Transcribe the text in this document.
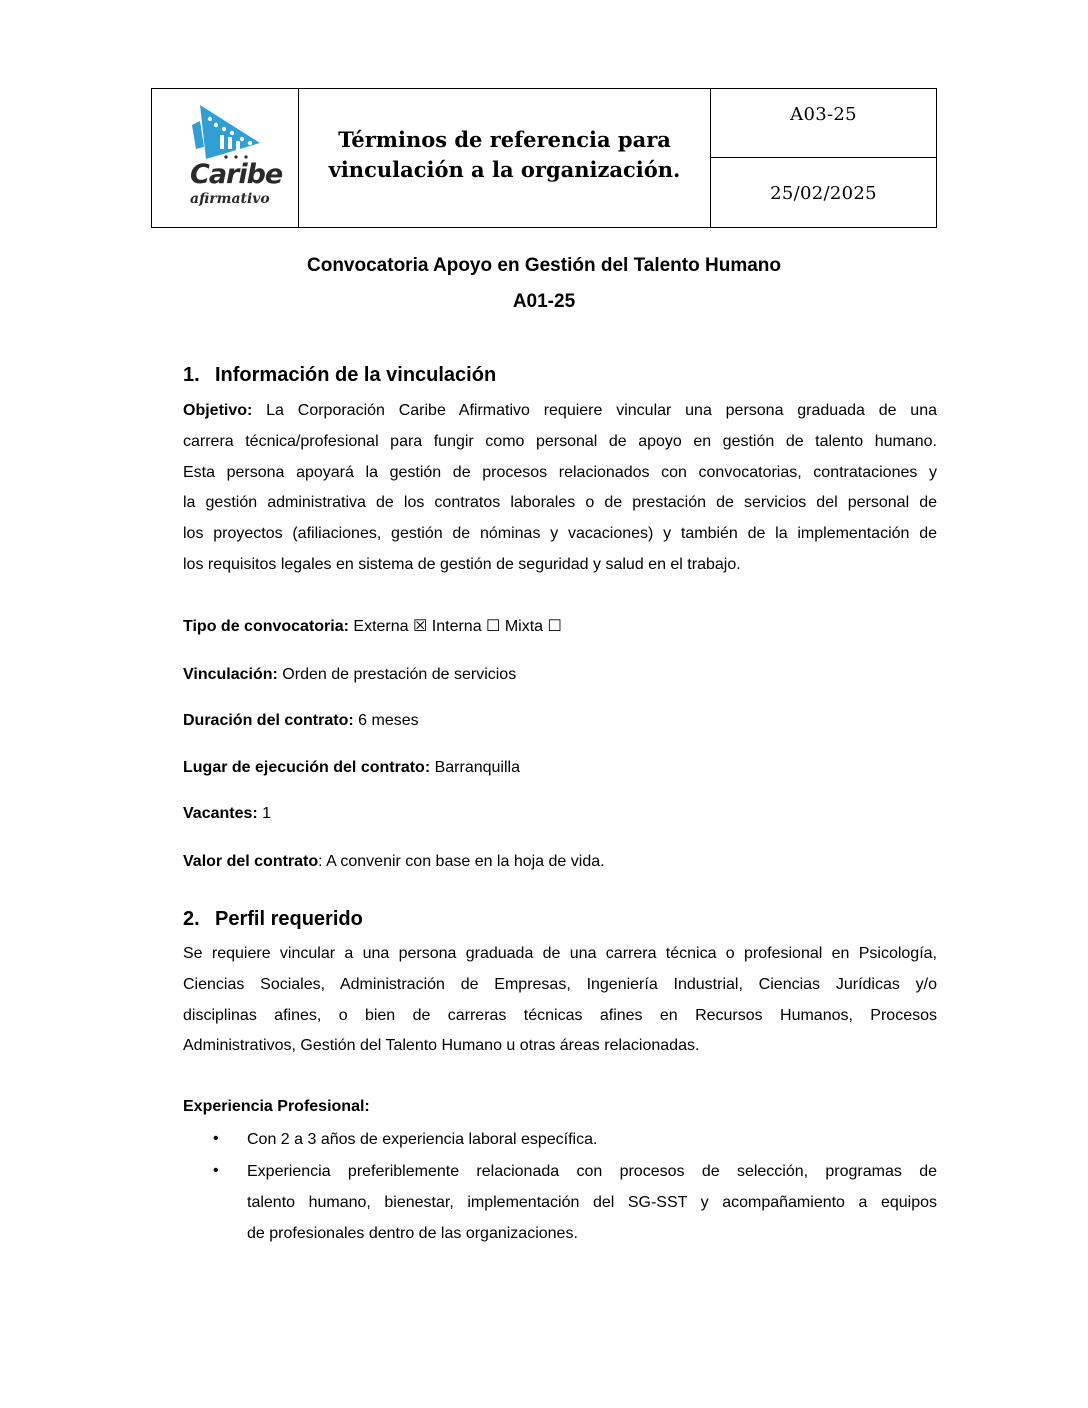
Caribe
afirmativo
Términos de referencia para
vinculación a la organización.
A03-25
25/02/2025
Convocatoria Apoyo en Gestión del Talento Humano
A01-25
1. Información de la vinculación
Objetivo: La Corporación Caribe Afirmativo requiere vincular una persona graduada de una
carrera técnica/profesional para fungir como personal de apoyo en gestión de talento humano.
Esta persona apoyará la gestión de procesos relacionados con convocatorias, contrataciones y
la gestión administrativa de los contratos laborales o de prestación de servicios del personal de
los proyectos (afiliaciones, gestión de nóminas y vacaciones) y también de la implementación de
los requisitos legales en sistema de gestión de seguridad y salud en el trabajo.
Tipo de convocatoria: Externa ☒ Interna ☐ Mixta ☐
Vinculación: Orden de prestación de servicios
Duración del contrato: 6 meses
Lugar de ejecución del contrato: Barranquilla
Vacantes: 1
Valor del contrato: A convenir con base en la hoja de vida.
2. Perfil requerido
Se requiere vincular a una persona graduada de una carrera técnica o profesional en Psicología,
Ciencias Sociales, Administración de Empresas, Ingeniería Industrial, Ciencias Jurídicas y/o
disciplinas afines, o bien de carreras técnicas afines en Recursos Humanos, Procesos
Administrativos, Gestión del Talento Humano u otras áreas relacionadas.
Experiencia Profesional:
• Con 2 a 3 años de experiencia laboral específica.
• Experiencia preferiblemente relacionada con procesos de selección, programas de
talento humano, bienestar, implementación del SG-SST y acompañamiento a equipos
de profesionales dentro de las organizaciones.
